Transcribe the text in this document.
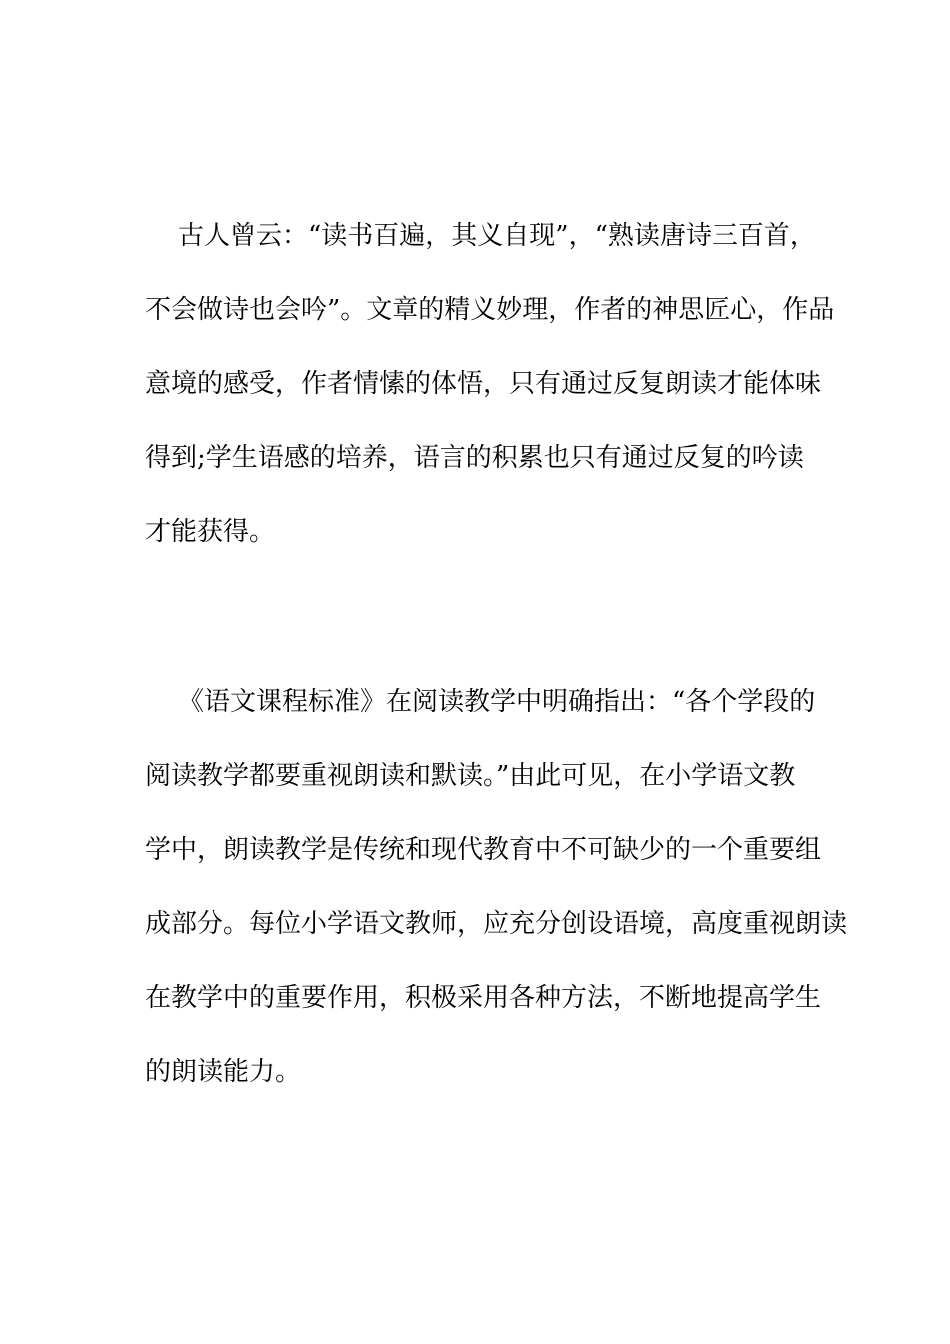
古人曾云：“读书百遍，其义自现”，“熟读唐诗三百首，
不会做诗也会吟”。文章的精义妙理，作者的神思匠心，作品
意境的感受，作者情愫的体悟，只有通过反复朗读才能体味
得到;学生语感的培养，语言的积累也只有通过反复的吟读
才能获得。
《语文课程标准》在阅读教学中明确指出：“各个学段的
阅读教学都要重视朗读和默读。”由此可见，在小学语文教
学中，朗读教学是传统和现代教育中不可缺少的一个重要组
成部分。每位小学语文教师，应充分创设语境，高度重视朗读
在教学中的重要作用，积极采用各种方法，不断地提高学生
的朗读能力。
